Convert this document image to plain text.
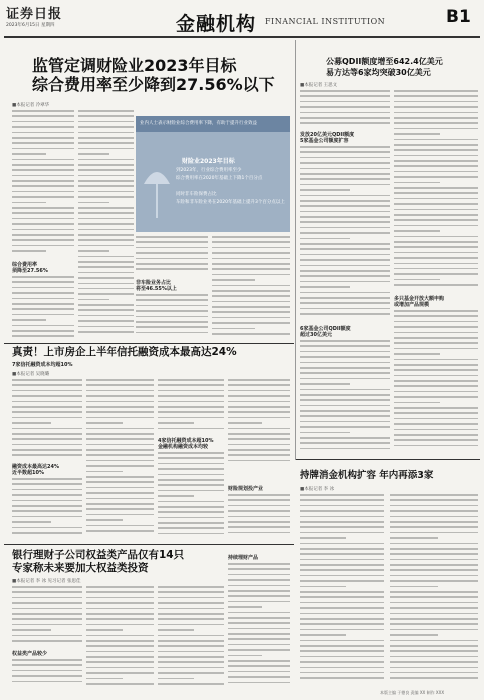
证券日报
2023年6月15日 星期四	金融机构 FINANCIAL INSTITUTION	B1
监管定调财险业2023年目标
综合费用率至少降到27.56%以下
■本报记者 冷翠华
综合费用率
须降至27.56%
业内人士表示财险业综合费用率下降，有助于提升行业效益
财险业2023年目标
到2023年，行业综合费用率至少
综合费用率在2020年基础上下降1个百分点
同时非车险保费占比
车险和非车险业务在2020年基础上提升3个百分点以上
非车险业务占比
将至46.55%以上
公募QDII额度增至642.4亿美元
易方达等6家均突破30亿美元
■本报记者 王思文
发放20亿美元QDII额度
5家基金公司额度扩容
6家基金公司QDII额度
超过30亿美元
多只基金开放大额申购
或增加产品规模
真责！上市房企上半年信托融资成本最高达24%
7家信托融资成本均超10%
■本报记者 吴晓璐
融资成本最高达24%
近半数超10%
4家信托融资成本超10%
金融机构融资成本均较
财险规划投产业
银行理财子公司权益类产品仅有14只
专家称未来要加大权益类投资
■本报记者 李 冰 见习记者 张思佳
权益类产品较少
持续理财产品
持牌消金机构扩容 年内再添3家
■本报记者 李 冰
本版主编 于德良 责编 XX 制作 XXX
